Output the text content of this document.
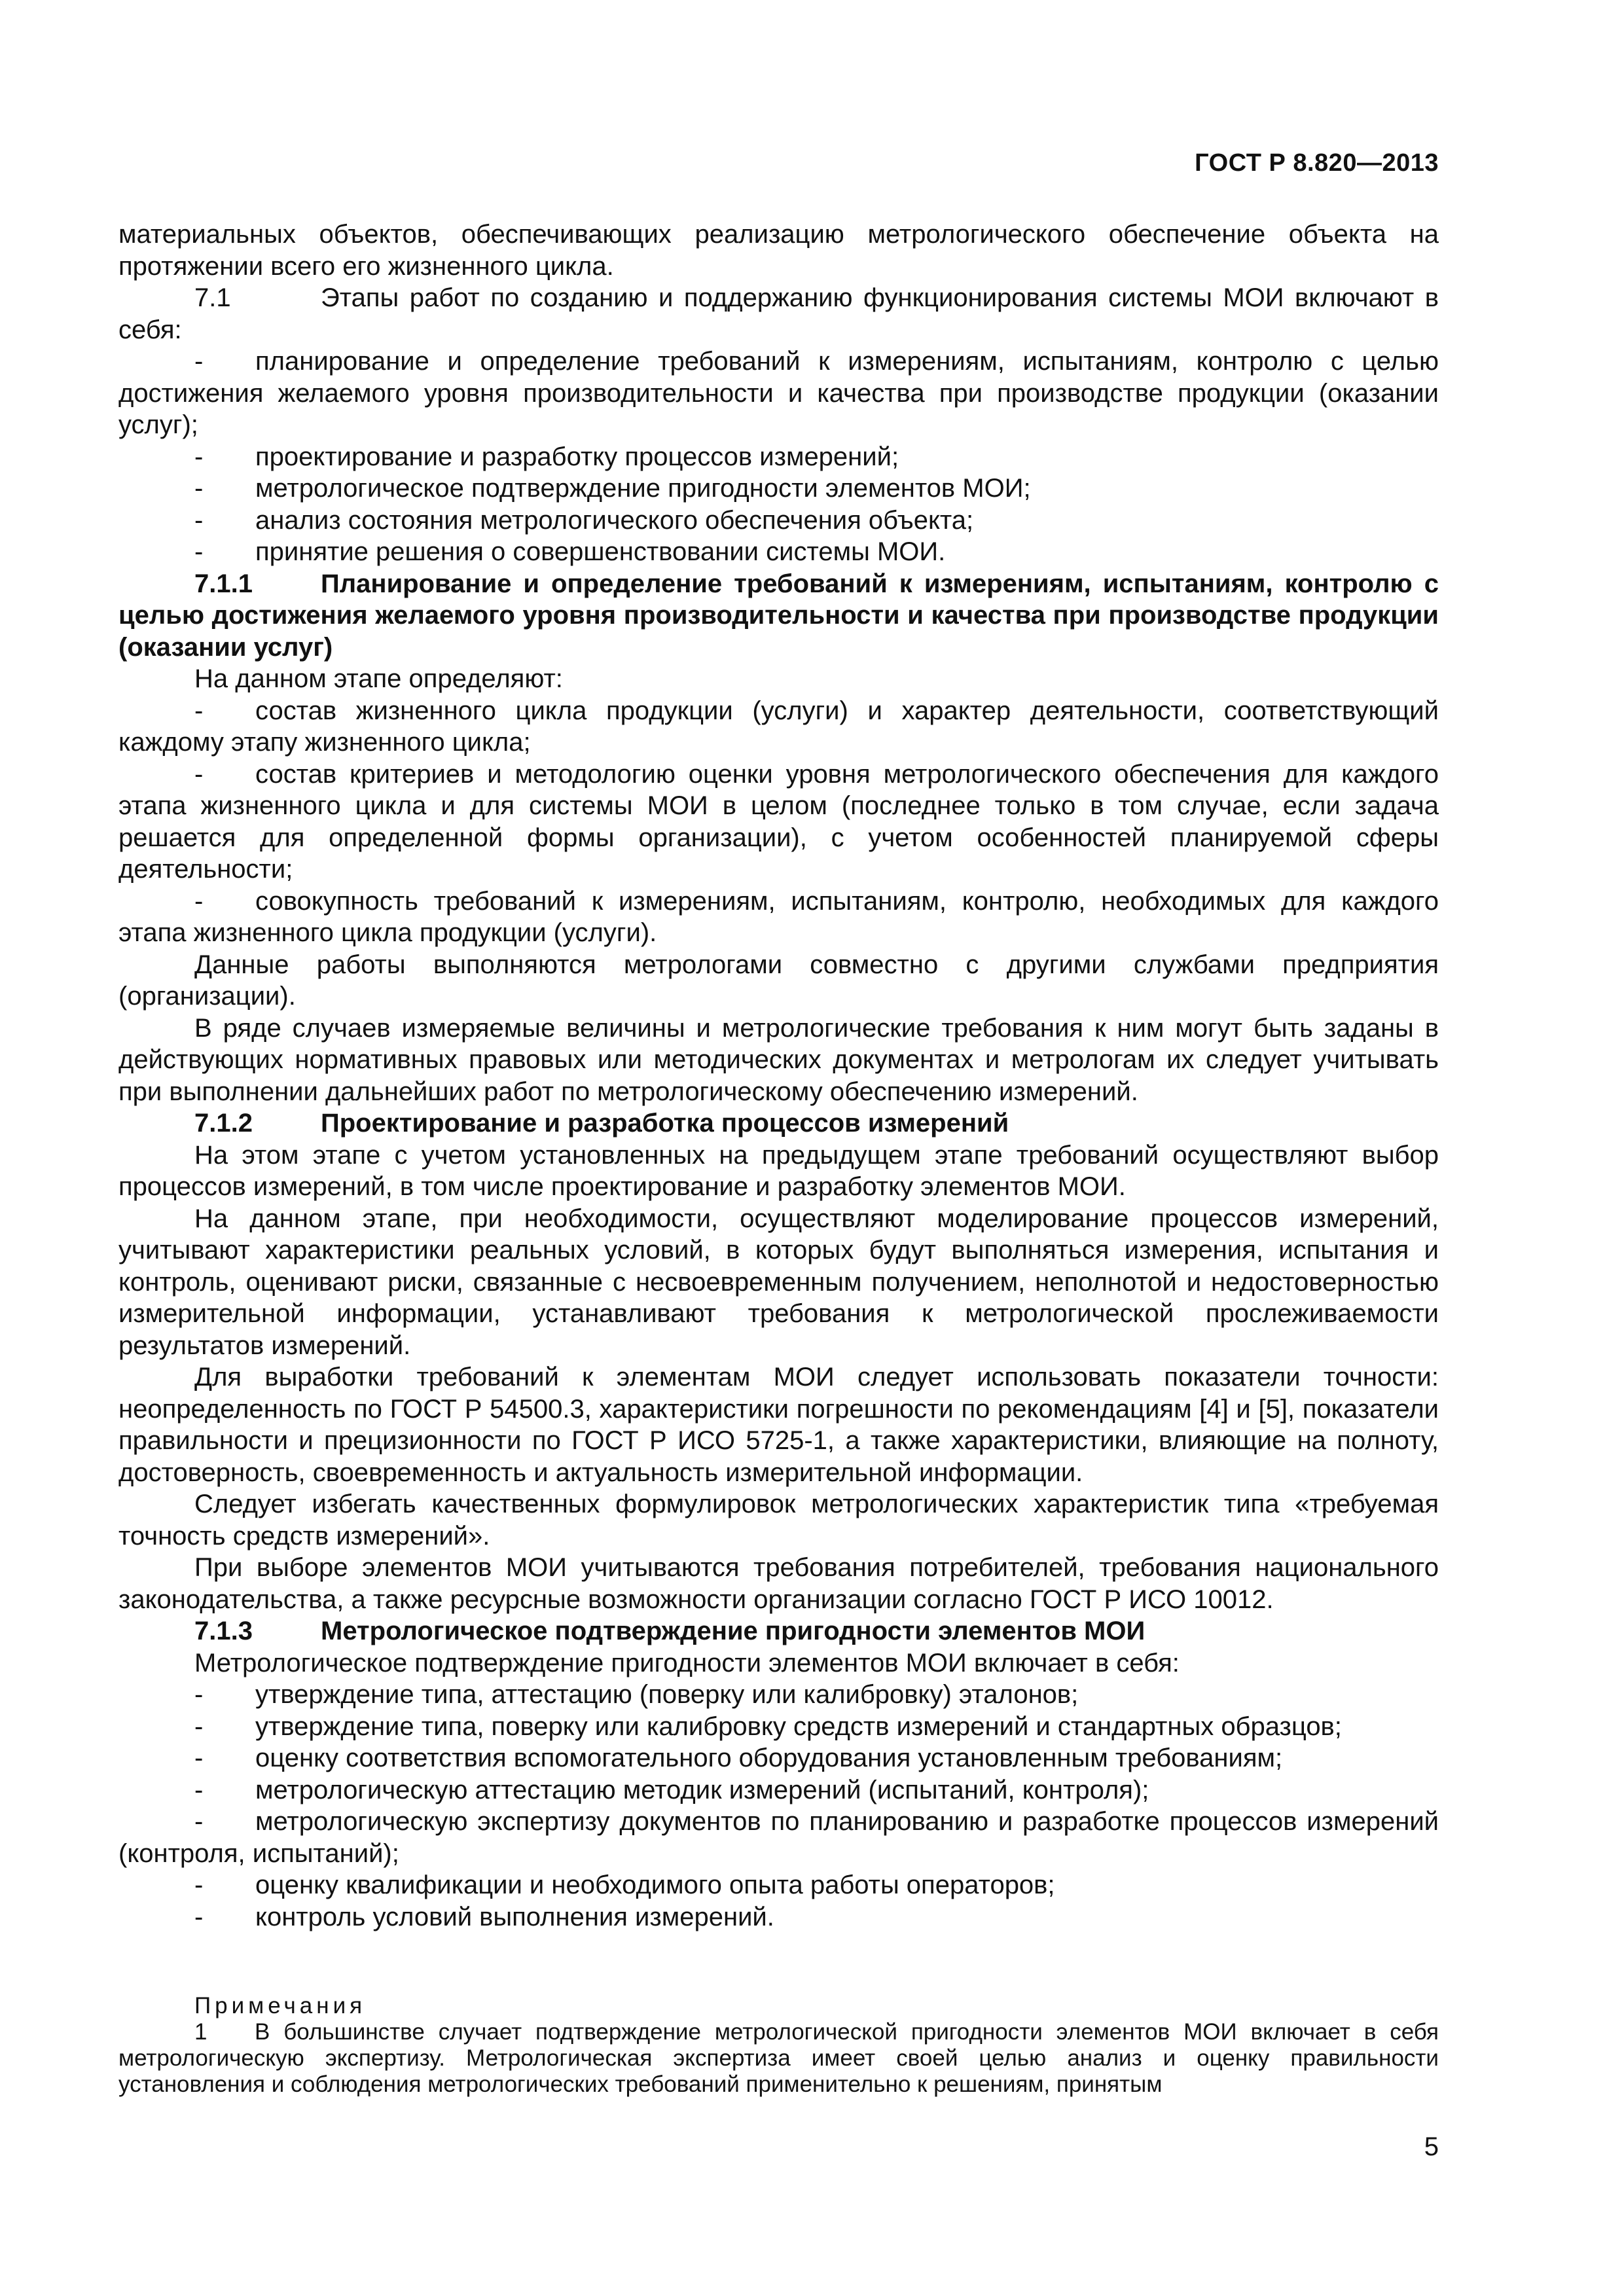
ГОСТ Р 8.820—2013

материальных объектов, обеспечивающих реализацию метрологического обеспечение объекта на протяжении всего его жизненного цикла.

7.1	Этапы работ по созданию и поддержанию функционирования системы МОИ включают в себя:

- планирование и определение требований к измерениям, испытаниям, контролю с целью достижения желаемого уровня производительности и качества при производстве продукции (оказании услуг);

- проектирование и разработку процессов измерений;

- метрологическое подтверждение пригодности элементов МОИ;

- анализ состояния метрологического обеспечения объекта;

- принятие решения о совершенствовании системы МОИ.

7.1.1	Планирование и определение требований к измерениям, испытаниям, контролю с целью достижения желаемого уровня производительности и качества при производстве продукции (оказании услуг)

На данном этапе определяют:

- состав жизненного цикла продукции (услуги) и характер деятельности, соответствующий каждому этапу жизненного цикла;

- состав критериев и методологию оценки уровня метрологического обеспечения для каждого этапа жизненного цикла и для системы МОИ в целом (последнее только в том случае, если задача решается для определенной формы организации), с учетом особенностей планируемой сферы деятельности;

- совокупность требований к измерениям, испытаниям, контролю, необходимых для каждого этапа жизненного цикла продукции (услуги).

Данные работы выполняются метрологами совместно с другими службами предприятия (организации).

В ряде случаев измеряемые величины и метрологические требования к ним могут быть заданы в действующих нормативных правовых или методических документах и метрологам их следует учитывать при выполнении дальнейших работ по метрологическому обеспечению измерений.

7.1.2	Проектирование и разработка процессов измерений

На этом этапе с учетом установленных на предыдущем этапе требований осуществляют выбор процессов измерений, в том числе проектирование и разработку элементов МОИ.

На данном этапе, при необходимости, осуществляют моделирование процессов измерений, учитывают характеристики реальных условий, в которых будут выполняться измерения, испытания и контроль, оценивают риски, связанные с несвоевременным получением, неполнотой и недостоверностью измерительной информации, устанавливают требования к метрологической прослеживаемости результатов измерений.

Для выработки требований к элементам МОИ следует использовать показатели точности: неопределенность по ГОСТ Р 54500.3, характеристики погрешности по рекомендациям [4] и [5], показатели правильности и прецизионности по ГОСТ Р ИСО 5725-1, а также характеристики, влияющие на полноту, достоверность, своевременность и актуальность измерительной информации.

Следует избегать качественных формулировок метрологических характеристик типа «требуемая точность средств измерений».

При выборе элементов МОИ учитываются требования потребителей, требования национального законодательства, а также ресурсные возможности организации согласно ГОСТ Р ИСО 10012.

7.1.3	Метрологическое подтверждение пригодности элементов МОИ

Метрологическое подтверждение пригодности элементов МОИ включает в себя:

- утверждение типа, аттестацию (поверку или калибровку) эталонов;

- утверждение типа, поверку или калибровку средств измерений и стандартных образцов;

- оценку соответствия вспомогательного оборудования установленным требованиям;

- метрологическую аттестацию методик измерений (испытаний, контроля);

- метрологическую экспертизу документов по планированию и разработке процессов измерений (контроля, испытаний);

- оценку квалификации и необходимого опыта работы операторов;

- контроль условий выполнения измерений.

Примечания

1 В большинстве случает подтверждение метрологической пригодности элементов МОИ включает в себя метрологическую экспертизу. Метрологическая экспертиза имеет своей целью анализ и оценку правильности установления и соблюдения метрологических требований применительно к решениям, принятым

5
